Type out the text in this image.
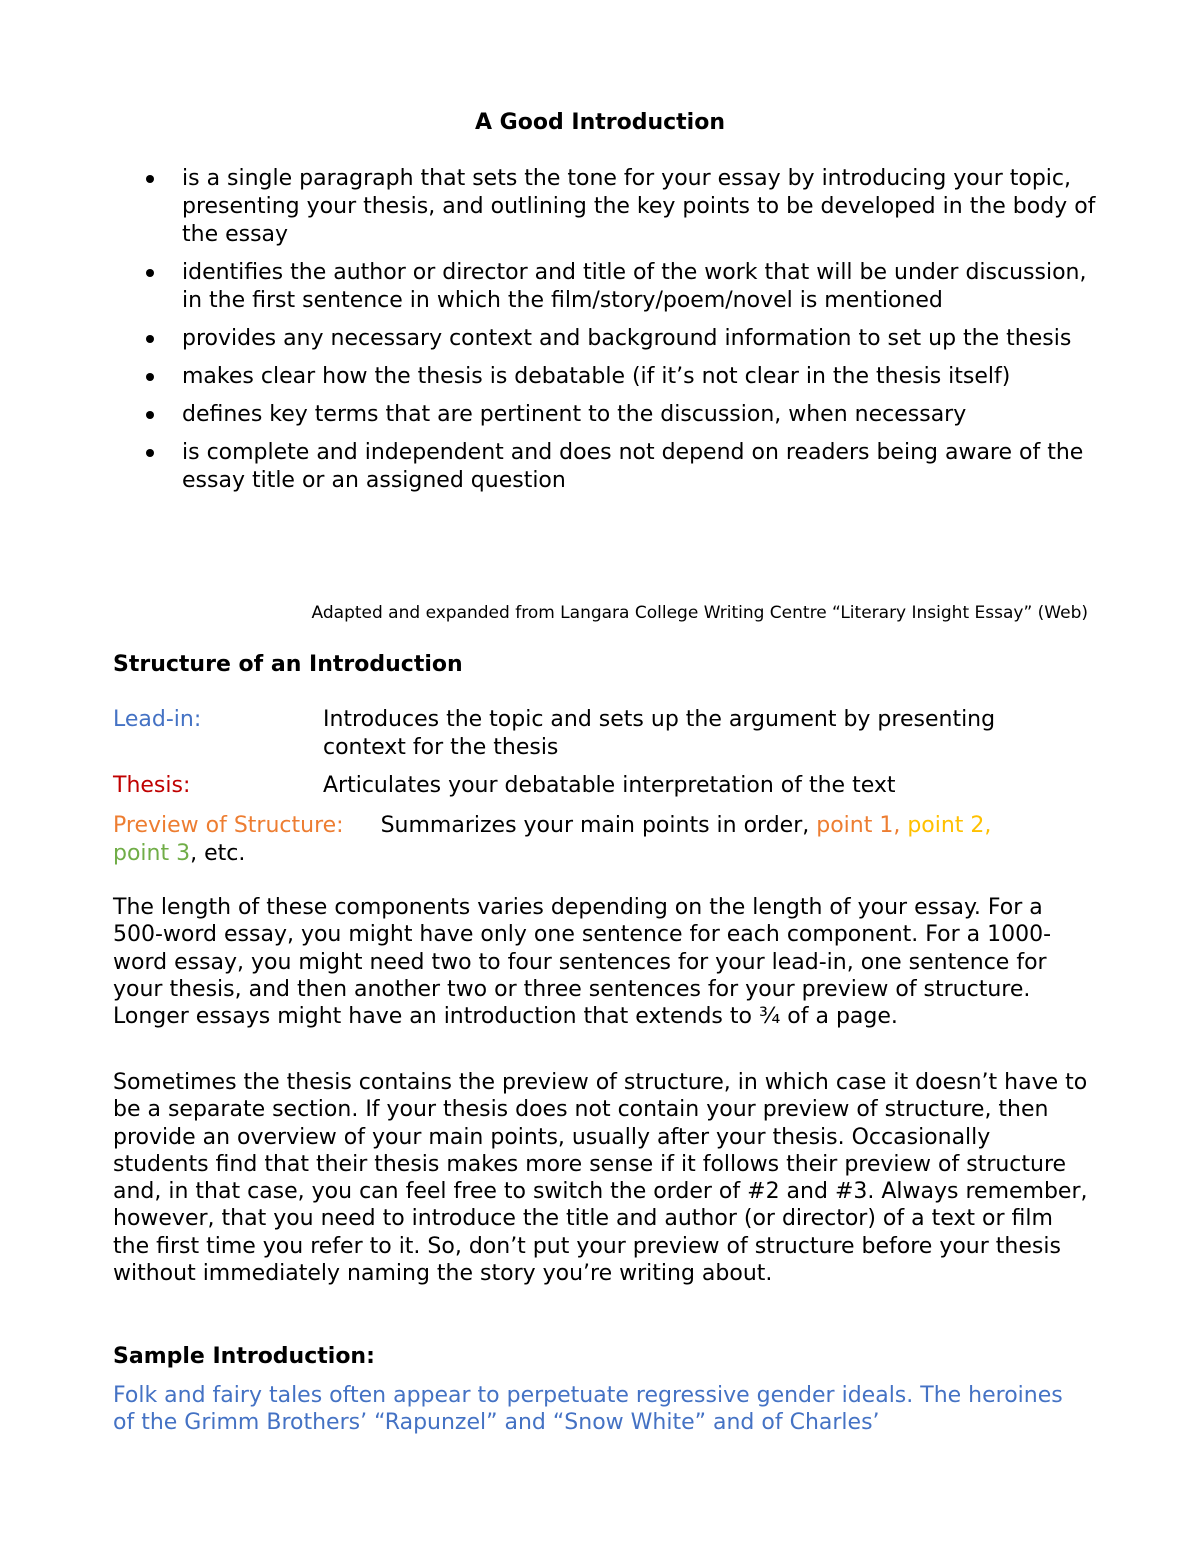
A Good Introduction
is a single paragraph that sets the tone for your essay by introducing your topic, presenting your thesis, and outlining the key points to be developed in the body of the essay
identifies the author or director and title of the work that will be under discussion, in the first sentence in which the film/story/poem/novel is mentioned
provides any necessary context and background information to set up the thesis
makes clear how the thesis is debatable (if it’s not clear in the thesis itself)
defines key terms that are pertinent to the discussion, when necessary
is complete and independent and does not depend on readers being aware of the essay title or an assigned question
Adapted and expanded from Langara College Writing Centre “Literary Insight Essay” (Web)
Structure of an Introduction
Lead-in:	Introduces the topic and sets up the argument by presenting context for the thesis
Thesis:	Articulates your debatable interpretation of the text
Preview of Structure: Summarizes your main points in order, point 1, point 2,
point 3, etc.

The length of these components varies depending on the length of your essay. For a 500-word essay, you might have only one sentence for each component. For a 1000-word essay, you might need two to four sentences for your lead-in, one sentence for your thesis, and then another two or three sentences for your preview of structure. Longer essays might have an introduction that extends to ¾ of a page.

Sometimes the thesis contains the preview of structure, in which case it doesn’t have to be a separate section. If your thesis does not contain your preview of structure, then provide an overview of your main points, usually after your thesis. Occasionally students find that their thesis makes more sense if it follows their preview of structure and, in that case, you can feel free to switch the order of #2 and #3. Always remember, however, that you need to introduce the title and author (or director) of a text or film the first time you refer to it. So, don’t put your preview of structure before your thesis without immediately naming the story you’re writing about.

Sample Introduction:

Folk and fairy tales often appear to perpetuate regressive gender ideals. The heroines of the Grimm Brothers’ “Rapunzel” and “Snow White” and of Charles’
